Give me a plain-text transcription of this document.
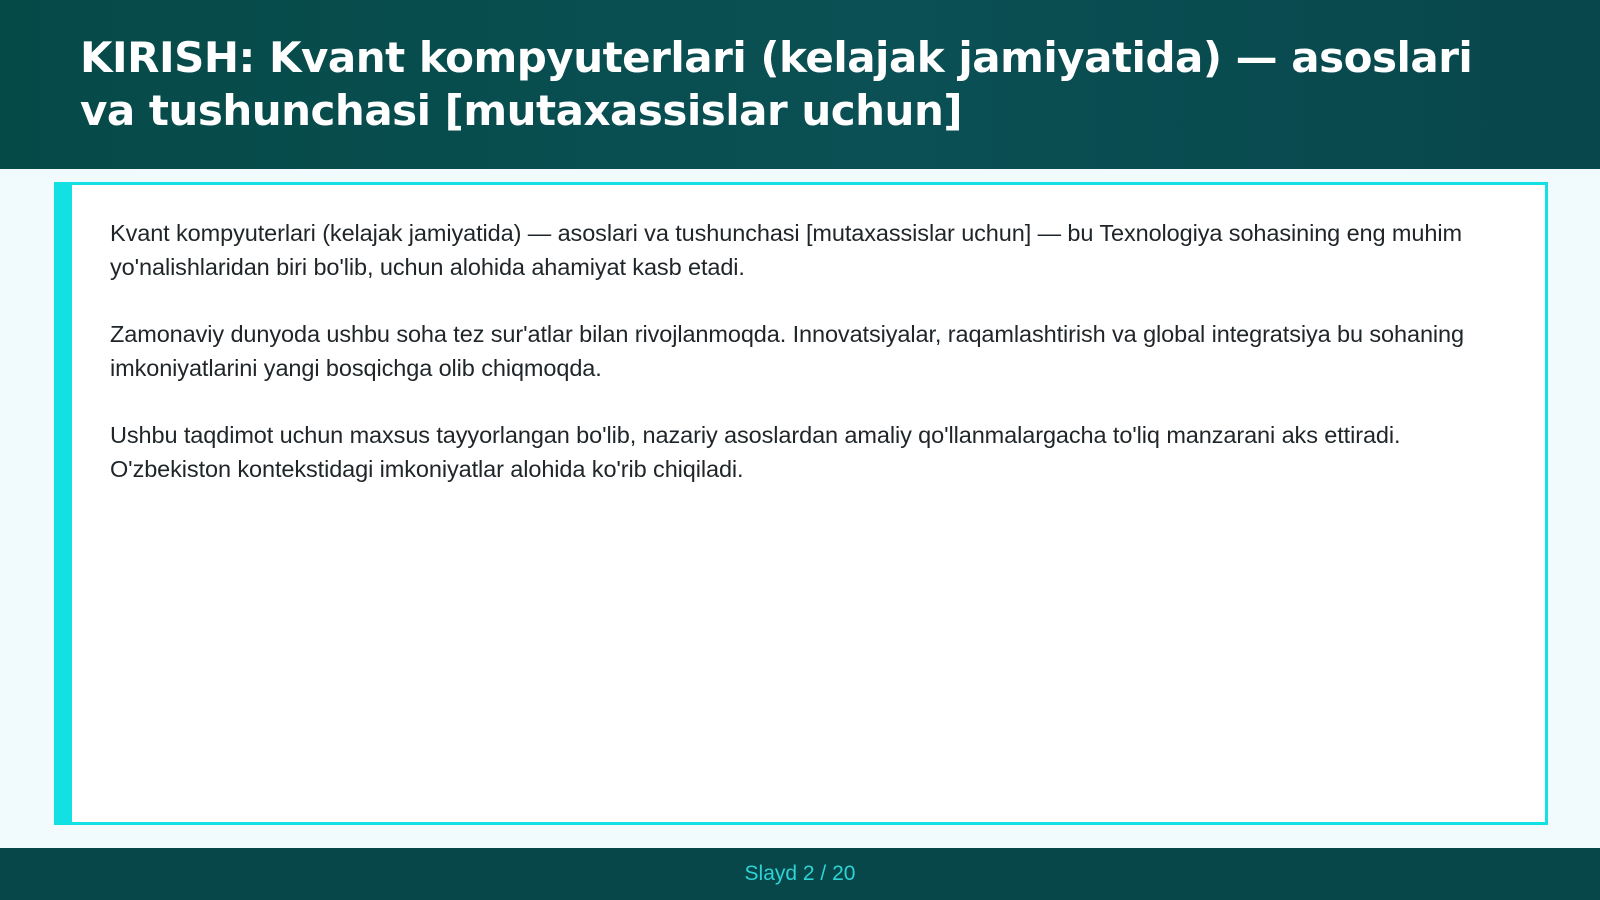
KIRISH: Kvant kompyuterlari (kelajak jamiyatida) — asoslari va tushunchasi [mutaxassislar uchun]

Kvant kompyuterlari (kelajak jamiyatida) — asoslari va tushunchasi [mutaxassislar uchun] — bu Texnologiya sohasining eng muhim yo'nalishlaridan biri bo'lib, uchun alohida ahamiyat kasb etadi.

Zamonaviy dunyoda ushbu soha tez sur'atlar bilan rivojlanmoqda. Innovatsiyalar, raqamlashtirish va global integratsiya bu sohaning imkoniyatlarini yangi bosqichga olib chiqmoqda.

Ushbu taqdimot uchun maxsus tayyorlangan bo'lib, nazariy asoslardan amaliy qo'llanmalargacha to'liq manzarani aks ettiradi. O'zbekiston kontekstidagi imkoniyatlar alohida ko'rib chiqiladi.

Slayd 2 / 20
